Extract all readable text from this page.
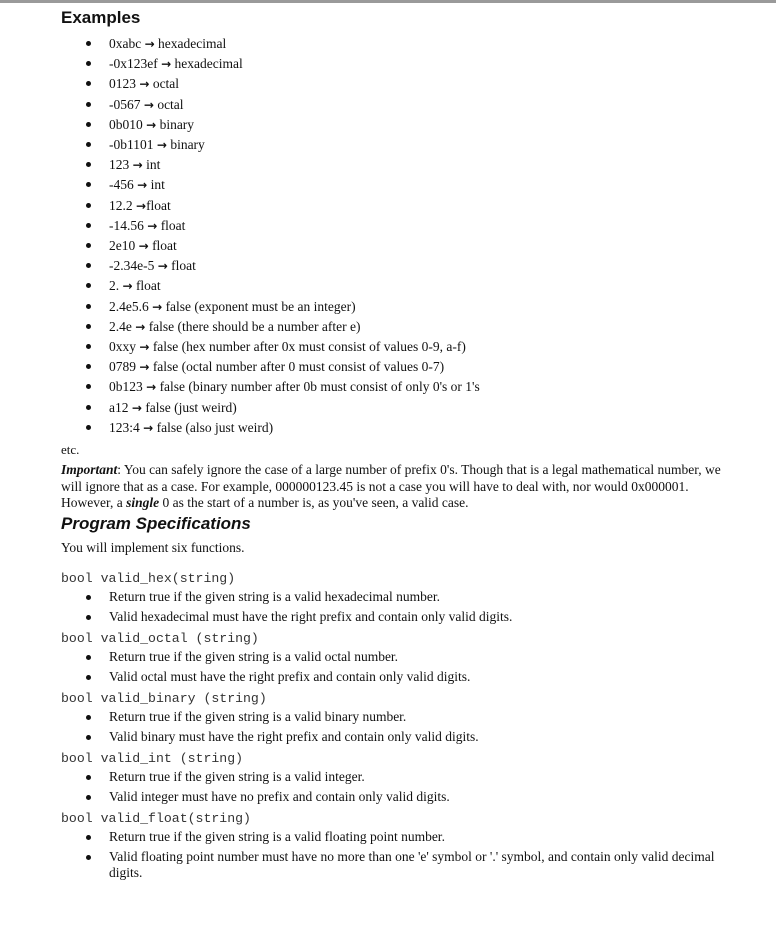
Examples
0xabc → hexadecimal
-0x123ef → hexadecimal
0123 → octal
-0567 → octal
0b010 → binary
-0b1101 → binary
123 → int
-456 → int
12.2 →float
-14.56 → float
2e10 → float
-2.34e-5 → float
2. → float
2.4e5.6 → false (exponent must be an integer)
2.4e → false (there should be a number after e)
0xxy → false (hex number after 0x must consist of values 0-9, a-f)
0789 → false (octal number after 0 must consist of values 0-7)
0b123 → false (binary number after 0b must consist of only 0's or 1's
a12 → false (just weird)
123:4 → false (also just weird)
etc.
Important: You can safely ignore the case of a large number of prefix 0's. Though that is a legal mathematical number, we will ignore that as a case. For example, 000000123.45 is not a case you will have to deal with, nor would 0x000001. However, a single 0 as the start of a number is, as you've seen, a valid case.
Program Specifications
You will implement six functions.
bool valid_hex(string)
Return true if the given string is a valid hexadecimal number.
Valid hexadecimal must have the right prefix and contain only valid digits.
bool valid_octal (string)
Return true if the given string is a valid octal number.
Valid octal must have the right prefix and contain only valid digits.
bool valid_binary (string)
Return true if the given string is a valid binary number.
Valid binary must have the right prefix and contain only valid digits.
bool valid_int (string)
Return true if the given string is a valid integer.
Valid integer must have no prefix and contain only valid digits.
bool valid_float(string)
Return true if the given string is a valid floating point number.
Valid floating point number must have no more than one 'e' symbol or '.' symbol, and contain only valid decimal digits.
